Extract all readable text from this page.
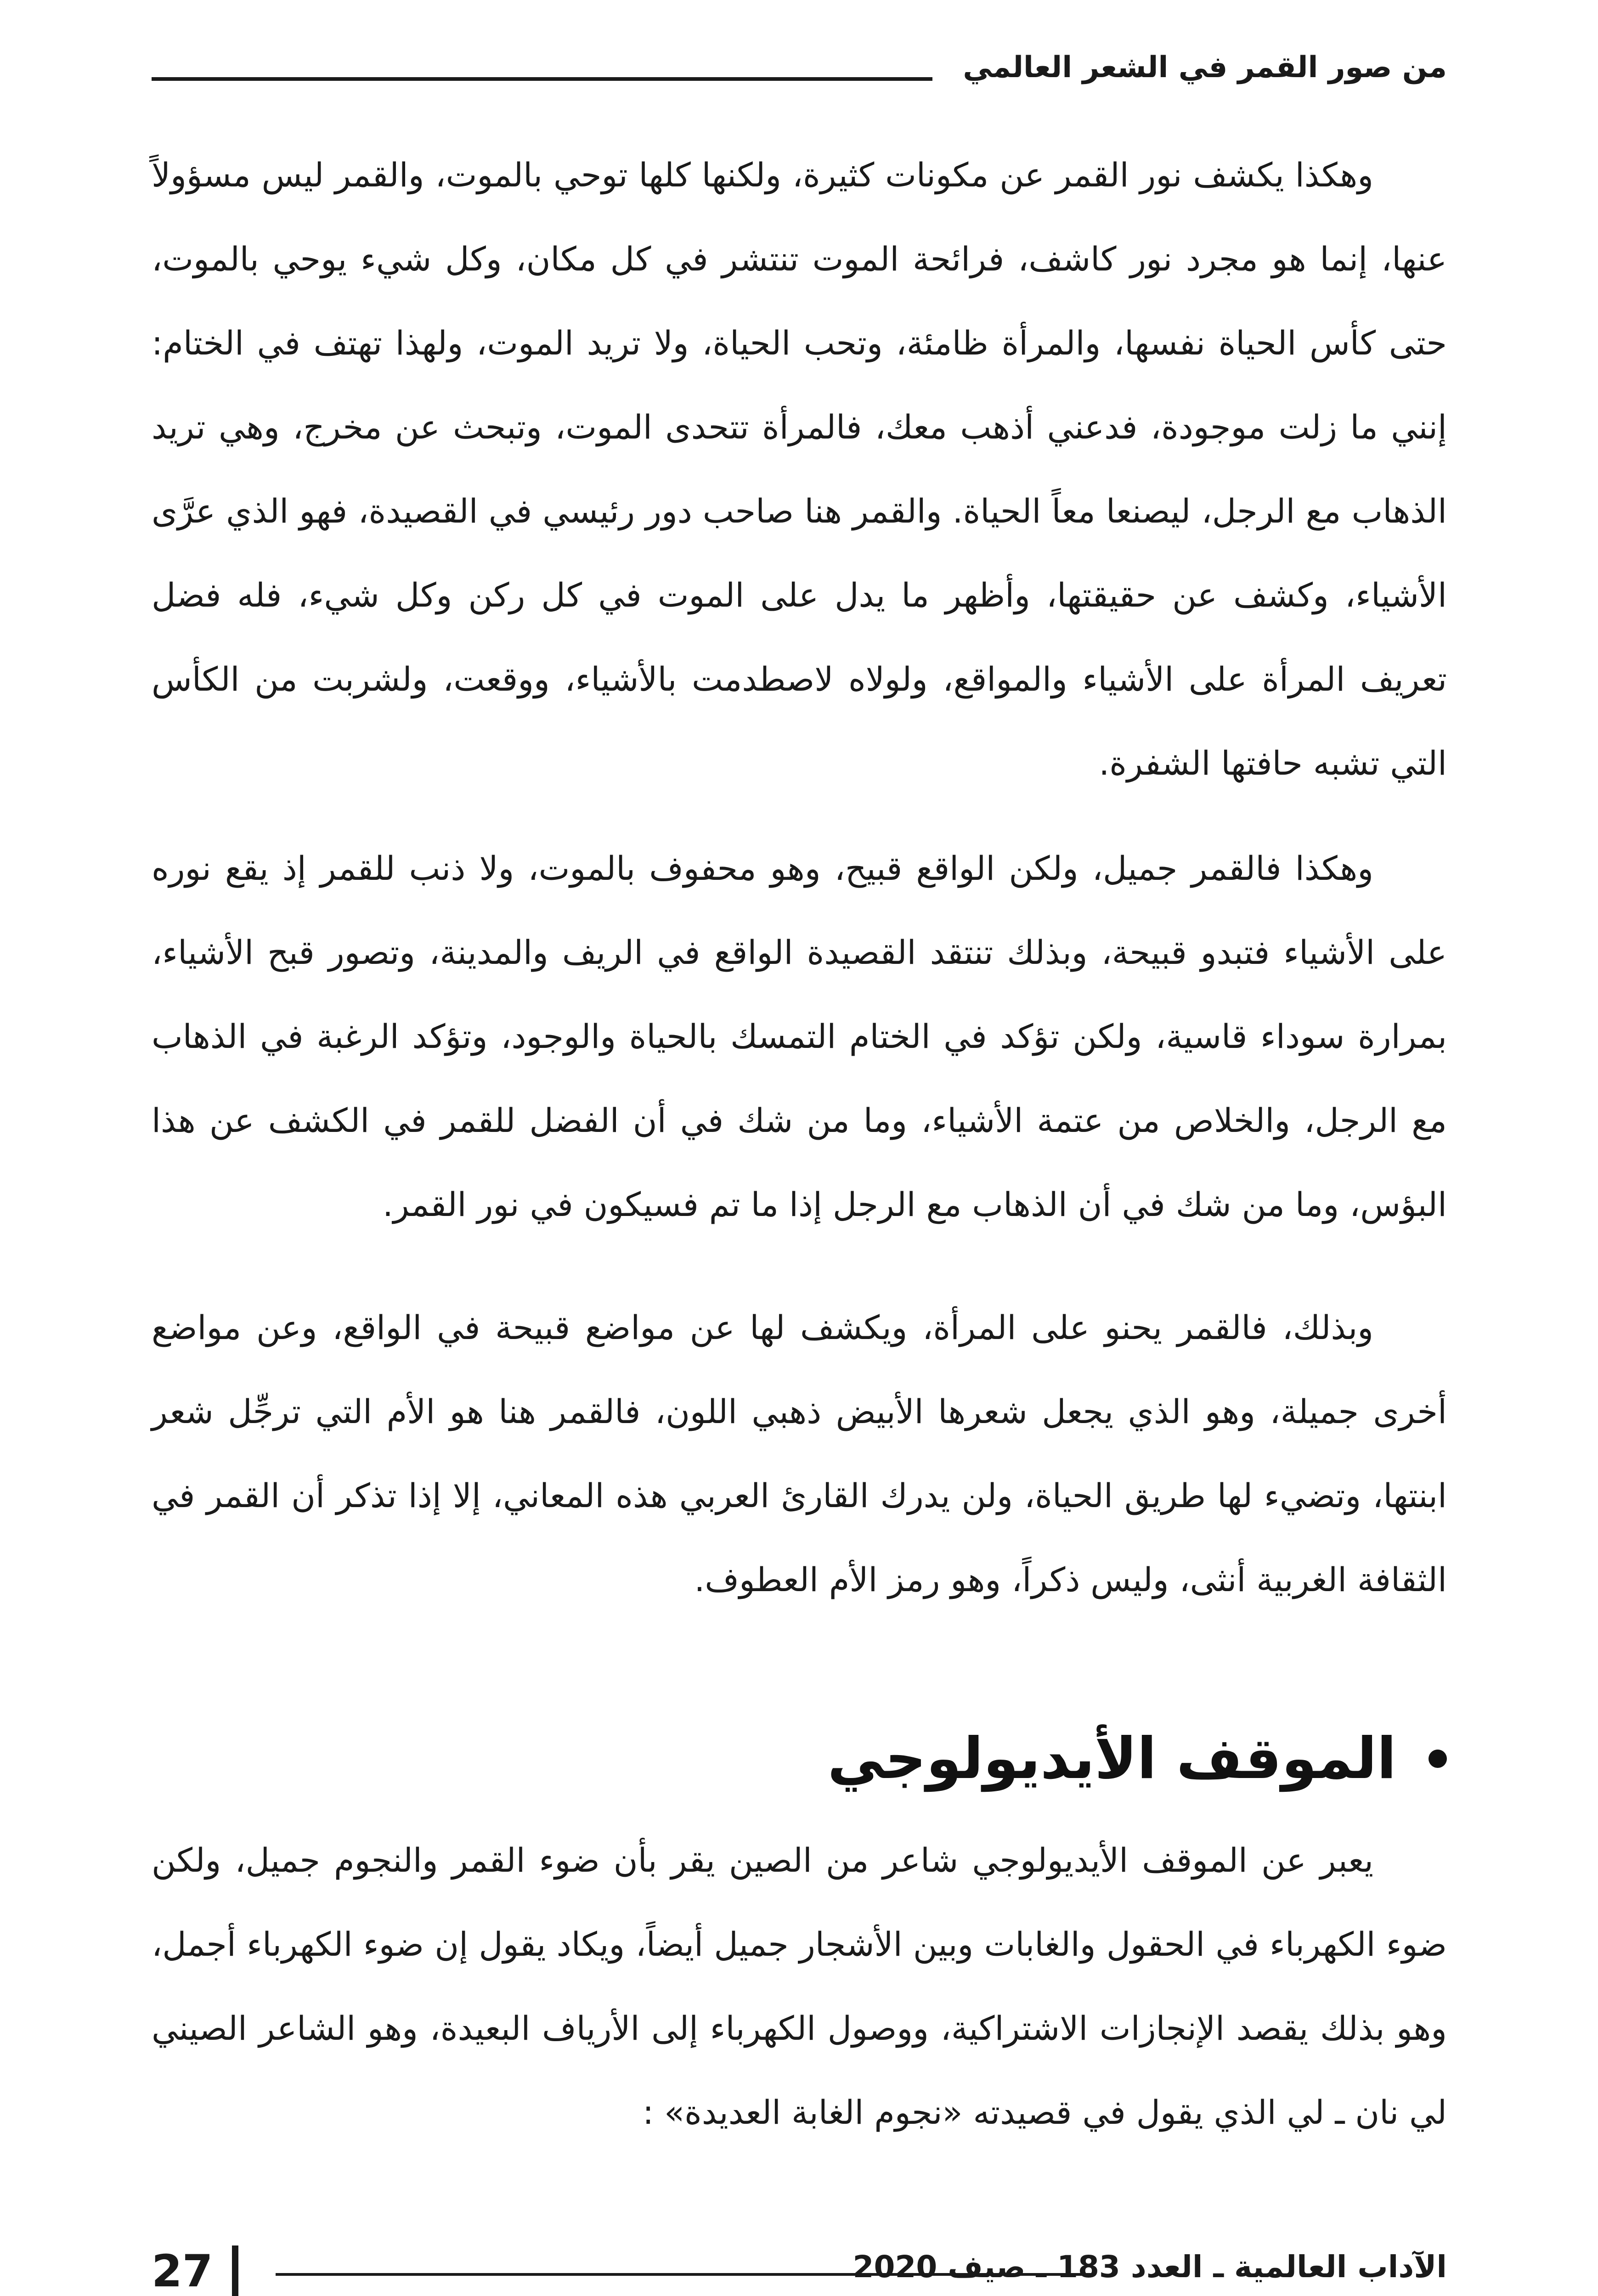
من صور القمر في الشعر العالمي

وهكذا يكشف نور القمر عن مكونات كثيرة، ولكنها كلها توحي بالموت، والقمر ليس مسؤولاً عنها، إنما هو مجرد نور كاشف، فرائحة الموت تنتشر في كل مكان، وكل شيء يوحي بالموت، حتى كأس الحياة نفسها، والمرأة ظامئة، وتحب الحياة، ولا تريد الموت، ولهذا تهتف في الختام: إنني ما زلت موجودة، فدعني أذهب معك، فالمرأة تتحدى الموت، وتبحث عن مخرج، وهي تريد الذهاب مع الرجل، ليصنعا معاً الحياة. والقمر هنا صاحب دور رئيسي في القصيدة، فهو الذي عرَّى الأشياء، وكشف عن حقيقتها، وأظهر ما يدل على الموت في كل ركن وكل شيء، فله فضل تعريف المرأة على الأشياء والمواقع، ولولاه لاصطدمت بالأشياء، ووقعت، ولشربت من الكأس التي تشبه حافتها الشفرة.

وهكذا فالقمر جميل، ولكن الواقع قبيح، وهو محفوف بالموت، ولا ذنب للقمر إذ يقع نوره على الأشياء فتبدو قبيحة، وبذلك تنتقد القصيدة الواقع في الريف والمدينة، وتصور قبح الأشياء، بمرارة سوداء قاسية، ولكن تؤكد في الختام التمسك بالحياة والوجود، وتؤكد الرغبة في الذهاب مع الرجل، والخلاص من عتمة الأشياء، وما من شك في أن الفضل للقمر في الكشف عن هذا البؤس، وما من شك في أن الذهاب مع الرجل إذا ما تم فسيكون في نور القمر.

وبذلك، فالقمر يحنو على المرأة، ويكشف لها عن مواضع قبيحة في الواقع، وعن مواضع أخرى جميلة، وهو الذي يجعل شعرها الأبيض ذهبي اللون، فالقمر هنا هو الأم التي ترجِّل شعر ابنتها، وتضيء لها طريق الحياة، ولن يدرك القارئ العربي هذه المعاني، إلا إذا تذكر أن القمر في الثقافة الغربية أنثى، وليس ذكراً، وهو رمز الأم العطوف.

الموقف الأيديولوجي

يعبر عن الموقف الأيديولوجي شاعر من الصين يقر بأن ضوء القمر والنجوم جميل، ولكن ضوء الكهرباء في الحقول والغابات وبين الأشجار جميل أيضاً، ويكاد يقول إن ضوء الكهرباء أجمل، وهو بذلك يقصد الإنجازات الاشتراكية، ووصول الكهرباء إلى الأرياف البعيدة، وهو الشاعر الصيني لي نان ـ لي الذي يقول في قصيدته «نجوم الغابة العديدة» :

27	الآداب العالمية ـ العدد 183 ـ صيف 2020
